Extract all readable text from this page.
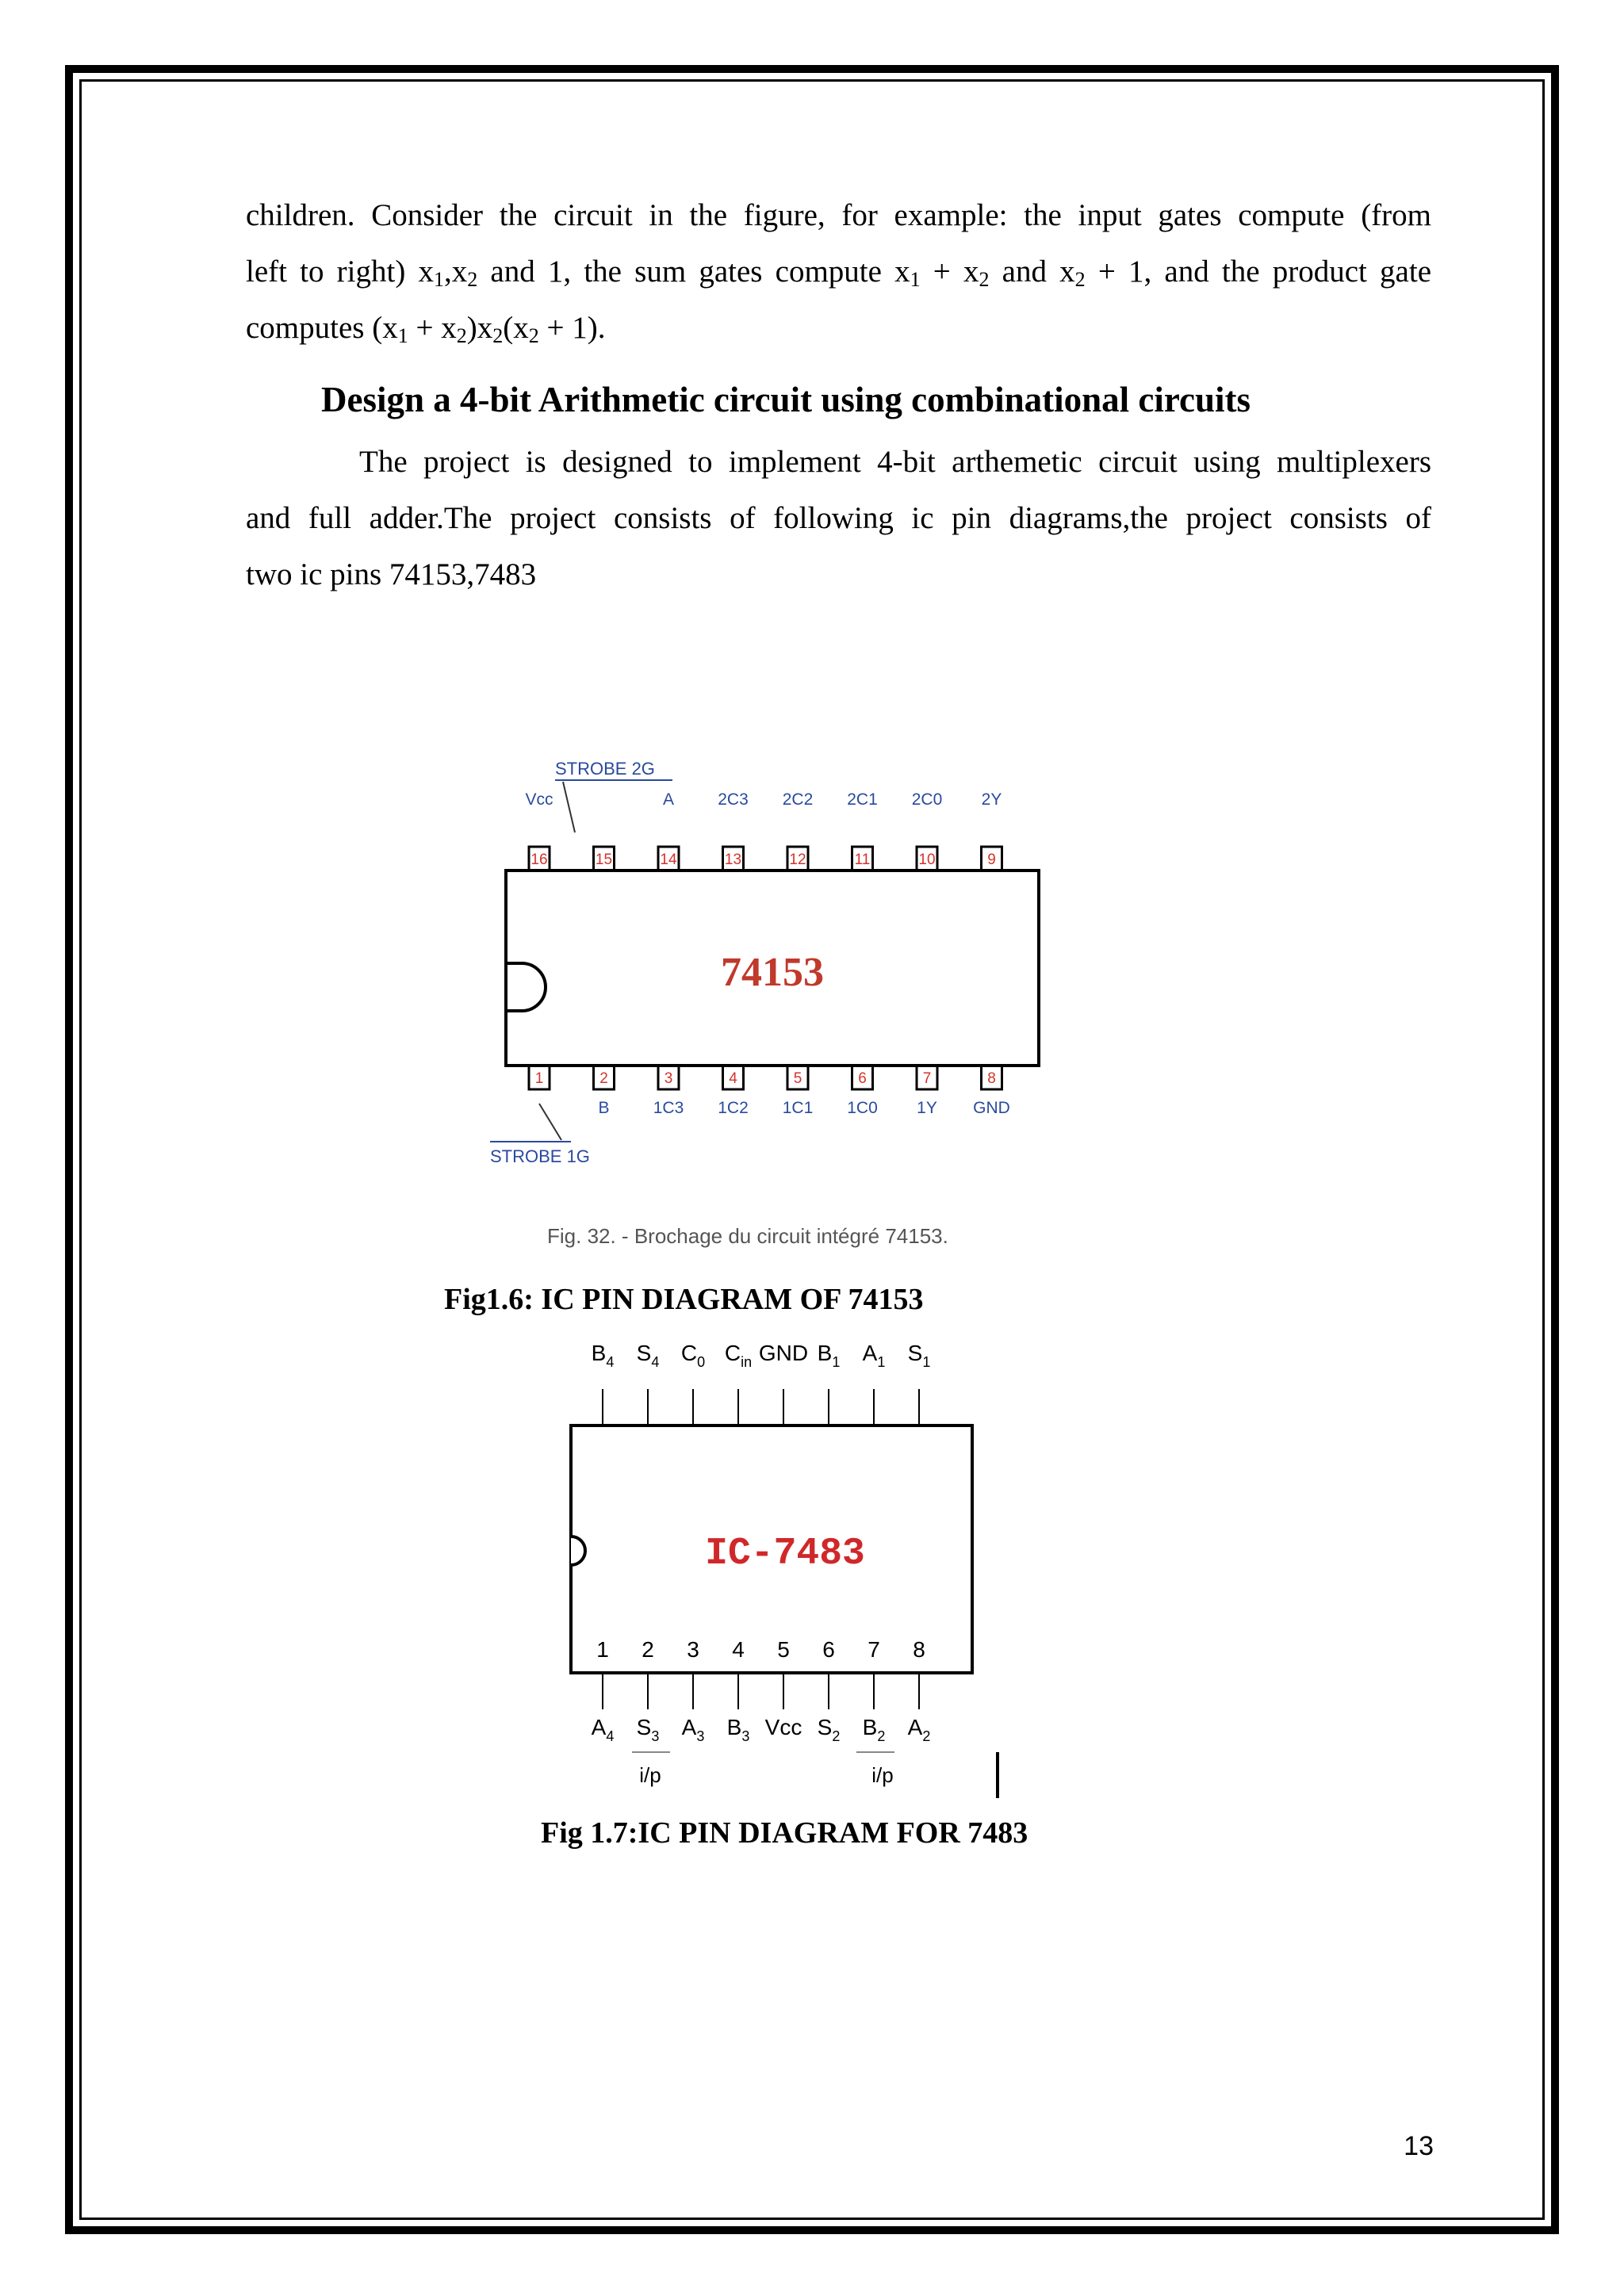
children. Consider the circuit in the figure, for example: the input gates compute (from
left to right) $x_1,x_2$ and 1, the sum gates compute $x_1 + x_2$ and $x_2 + 1$, and the product gate
computes $(x_1 + x_2)x_2(x_2 + 1)$.
Design a 4-bit Arithmetic circuit using combinational circuits
The project is designed to implement 4-bit arthemetic circuit using multiplexers
and full adder.The project consists of following ic pin diagrams,the project consists of
two ic pins 74153,7483
STROBE 2G
Vcc
16	15
A
14
2C3
13
2C2
12
2C1
11
2C0
10
2Y
9
1	2
B
3
1C3
4
1C2
5
1C1
6
1C0
7
1Y
8
GND
74153
STROBE 1G
Fig. 32. - Brochage du circuit intégré 74153.

Fig1.6: IC PIN DIAGRAM OF 74153

$B_4$ $S_4$ $C_0$ $C_{in}$ GND $B_1$ $A_1$ $S_1$
IC-7483
1
$A_4$
2
$S_3$
3
$A_3$
4
$B_3$
5
Vcc
6
$S_2$
7
$B_2$
8
$A_2$
i/p	i/p

Fig 1.7:IC PIN DIAGRAM FOR 7483

13
